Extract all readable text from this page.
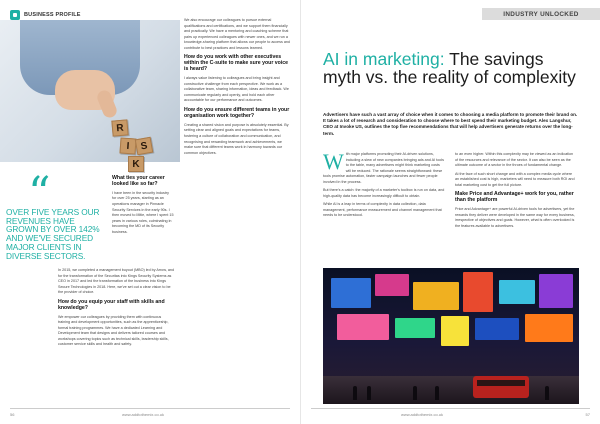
BUSINESS PROFILE
R
I S
K
“
OVER FIVE YEARS OUR REVENUES HAVE GROWN BY OVER 142% AND WE'VE SECURED MAJOR CLIENTS IN DIVERSE SECTORS.
What ties your career looked like so far?

I have been in the security industry for over 25 years, starting as an operations manager in Pinnacle Security Services in the early 90s. I then moved to Mitie, where I spent 15 years in various roles, culminating in becoming the MD of its Security business.

In 2015, we completed a management buyout (MBO) led by Arrow, and for the transformation of the Securitas into Kings Security Systems as CEO in 2017 and led the transformation of the business into Kings Secure Technologies in 2018. Here, we've set out a clear vision to be the provider of choice.

How do you equip your staff with skills and knowledge?

We empower our colleagues by providing them with continuous training and development opportunities, such as the apprenticeship, formal training programmes. We have a dedicated Learning and Development team that designs and delivers tailored courses and workshops covering topics such as technical skills, leadership skills, customer service skills and health and safety.

We also encourage our colleagues to pursue external qualifications and certifications, and we support them financially and practically. We have a mentoring and coaching scheme that pairs up experienced colleagues with newer ones, and we run a knowledge-sharing platform that allows our people to access and contribute to best practices and lessons learned.

How do you work with other executives within the C-suite to make sure your voice is heard?

I always value listening to colleagues and bring insight and constructive challenge from each perspective. We work as a collaborative team, sharing information, ideas and feedback. We communicate regularly and openly, and hold each other accountable for our performance and outcomes.

How do you ensure different teams in your organisation work together?

Creating a shared vision and purpose is absolutely essential. By setting clear and aligned goals and expectations for teams, fostering a culture of collaboration and communication, and recognising and rewarding teamwork and achievements, we make sure that different teams work in harmony towards our common objectives.

56	www.addtothemix.co.uk
INDUSTRY UNLOCKED
AI in marketing: The savings myth vs. the reality of complexity

Advertisers have such a vast array of choice when it comes to choosing a media platform to promote their brand on. It takes a lot of research and consideration to choose where to best spend their marketing budget. Alex Langshur, CEO at Invoke US, outlines the top five recommendations that will help advertisers generate returns over the long-term.

W ith major platforms promoting their AI-driven solutions, including a slew of new companies bringing ads and AI tools to the table, many advertisers might think marketing costs will be reduced. The rationale seems straightforward: these tools promise automation, faster campaign launches and fewer people involved in the process.

But there's a catch: the majority of a marketer's toolbox is run on data, and high-quality data has become increasingly difficult to obtain.

While AI is a leap in terms of complexity in data collection, data management, performance measurement and channel management that needs to be understood.

to an even higher. Within this complexity may be viewed as an indication of the resources and relevance of the sector. It can also be seen as the ultimate outcome of a sector in the throes of fundamental change.

At the face of such short change and with a complex media cycle where an established cost is high, marketers will need to measure both ROI and total marketing cost to get the full picture.

Make Price and Advantage+ work for you, rather than the platform

Price and Advantage+ are powerful AI-driven tools for advertisers, yet the rewards they deliver were developed in the same way for every business, irrespective of objectives and goals. However, what is often overlooked is the features available to advertisers.

www.addtothemix.co.uk	57
